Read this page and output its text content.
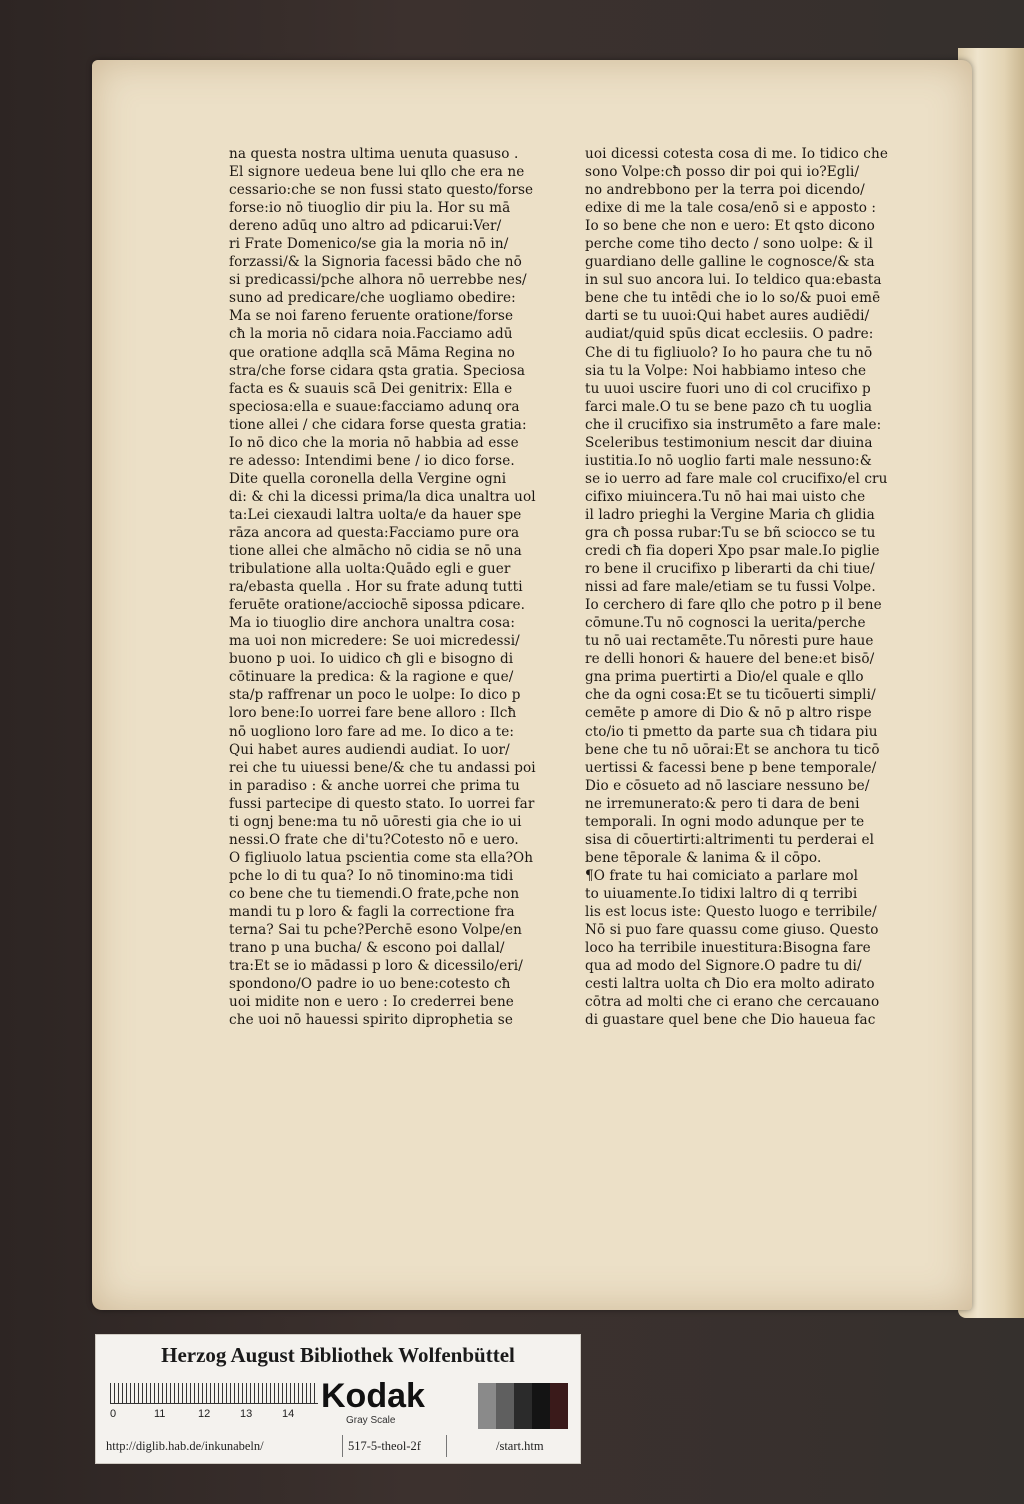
na questa nostra ultima uenuta quasuso .
El signore uedeua bene lui qllo che era ne
cessario:che se non fussi stato questo/forse
forse:io nō tiuoglio dir piu la. Hor su mā
dereno adūq uno altro ad pdicarui:Ver/
ri Frate Domenico/se gia la moria nō in/
forzassi/& la Signoria facessi bādo che nō
si predicassi/pche alhora nō uerrebbe nes/
suno ad predicare/che uogliamo obedire:
Ma se noi fareno feruente oratione/forse
cħ la moria nō cidara noia.Facciamo adū
que oratione adqlla scā Māma Regina no
stra/che forse cidara qsta gratia. Speciosa
facta es & suauis scā Dei genitrix: Ella e
speciosa:ella e suaue:facciamo adunq ora
tione allei / che cidara forse questa gratia:
Io nō dico che la moria nō habbia ad esse
re adesso: Intendimi bene / io dico forse.
Dite quella coronella della Vergine ogni
di: & chi la dicessi prima/la dica unaltra uol
ta:Lei ciexaudi laltra uolta/e da hauer spe
rāza ancora ad questa:Facciamo pure ora
tione allei che almācho nō cidia se nō una
tribulatione alla uolta:Quādo egli e guer
ra/ebasta quella . Hor su frate adunq tutti
feruēte oratione/acciochē sipossa pdicare.
Ma io tiuoglio dire anchora unaltra cosa:
ma uoi non micredere: Se uoi micredessi/
buono p uoi. Io uidico cħ gli e bisogno di
cōtinuare la predica: & la ragione e que/
sta/p raffrenar un poco le uolpe: Io dico p
loro bene:Io uorrei fare bene alloro : Ilcħ
nō uogliono loro fare ad me. Io dico a te:
Qui habet aures audiendi audiat. Io uor/
rei che tu uiuessi bene/& che tu andassi poi
in paradiso : & anche uorrei che prima tu
fussi partecipe di questo stato. Io uorrei far
ti ognj bene:ma tu nō uōresti gia che io ui
nessi.O frate che di'tu?Cotesto nō e uero.
O figliuolo latua pscientia come sta ella?Oh
pche lo di tu qua? Io nō tinomino:ma tidi
co bene che tu tiemendi.O frate,pche non
mandi tu p loro & fagli la correctione fra
terna? Sai tu pche?Perchē esono Volpe/en
trano p una bucha/ & escono poi dallal/
tra:Et se io mādassi p loro & dicessilo/eri/
spondono/O padre io uo bene:cotesto cħ
uoi midite non e uero : Io crederrei bene
che uoi nō hauessi spirito diprophetia se
uoi dicessi cotesta cosa di me. Io tidico che
sono Volpe:cħ posso dir poi qui io?Egli/
no andrebbono per la terra poi dicendo/
edixe di me la tale cosa/enō si e apposto :
Io so bene che non e uero: Et qsto dicono
perche come tiho decto / sono uolpe: & il
guardiano delle galline le cognosce/& sta
in sul suo ancora lui. Io teldico qua:ebasta
bene che tu intēdi che io lo so/& puoi emē
darti se tu uuoi:Qui habet aures audiēdi/
audiat/quid spūs dicat ecclesiis. O padre:
Che di tu figliuolo? Io ho paura che tu nō
sia tu la Volpe: Noi habbiamo inteso che
tu uuoi uscire fuori uno di col crucifixo p
farci male.O tu se bene pazo cħ tu uoglia
che il crucifixo sia instrumēto a fare male:
Sceleribus testimonium nescit dar diuina
iustitia.Io nō uoglio farti male nessuno:&
se io uerro ad fare male col crucifixo/el cru
cifixo miuincera.Tu nō hai mai uisto che
il ladro prieghi la Vergine Maria cħ glidia
gra cħ possa rubar:Tu se bñ sciocco se tu
credi cħ fia doperi Xpo psar male.Io piglie
ro bene il crucifixo p liberarti da chi tiue/
nissi ad fare male/etiam se tu fussi Volpe.
Io cerchero di fare qllo che potro p il bene
cōmune.Tu nō cognosci la uerita/perche
tu nō uai rectamēte.Tu nōresti pure haue
re delli honori & hauere del bene:et bisō/
gna prima puertirti a Dio/el quale e qllo
che da ogni cosa:Et se tu ticōuerti simpli/
cemēte p amore di Dio & nō p altro rispe
cto/io ti pmetto da parte sua cħ tidara piu
bene che tu nō uōrai:Et se anchora tu ticō
uertissi & facessi bene p bene temporale/
Dio e cōsueto ad nō lasciare nessuno be/
ne irremunerato:& pero ti dara de beni
temporali. In ogni modo adunque per te
sisa di cōuertirti:altrimenti tu perderai el
bene tēporale & lanima & il cōpo.
¶O frate tu hai comiciato a parlare mol
to uiuamente.Io tidixi laltro di q terribi
lis est locus iste: Questo luogo e terribile/
Nō si puo fare quassu come giuso. Questo
loco ha terribile inuestitura:Bisogna fare
qua ad modo del Signore.O padre tu di/
cesti laltra uolta cħ Dio era molto adirato
cōtra ad molti che ci erano che cercauano
di guastare quel bene che Dio haueua fac
Herzog August Bibliothek Wolfenbüttel
0	11	12	13	14 Kodak
Gray Scale
http://diglib.hab.de/inkunabeln/	517-5-theol-2f	/start.htm
